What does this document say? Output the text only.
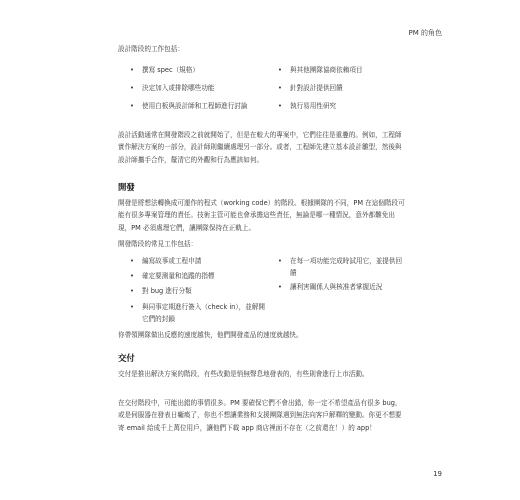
PM 的角色
設計階段的工作包括：
• 撰寫 spec（規格）	• 與其他團隊協商依賴項目
• 決定加入或排除哪些功能	• 針對設計提供回饋
• 使用白板與設計師和工程師進行討論	• 執行易用性研究
設計活動通常在開發階段之前就開始了，但是在較大的專案中，它們往往是重疊的。例如，工程師實作解決方案的一部分，設計師則繼續處理另一部分。或者，工程師先建立基本設計雛型，然後與設計師攜手合作，釐清它的外觀和行為應該如何。
開發
開發是將想法轉換成可運作的程式（working code）的階段。根據團隊的不同，PM 在這個階段可能有很多專案管理的責任。技術主管可能也會承擔這些責任，無論是哪一種情況，意外都難免出現，PM 必須處理它們，讓團隊保持在正軌上。
開發階段的常見工作包括：
• 編寫故事或工程申請	• 在每一項功能完成時試用它，並提供回饋
• 確定要測量和追蹤的指標
• 讓利害關係人與核准者掌握近況
• 對 bug 進行分類
• 與同事定期進行簽入（check in），並解開它們的封鎖
你帶領團隊做出反應的速度越快，他們開發產品的速度就越快。
交付
交付是推出解決方案的階段，有些改動是悄無聲息地發表的，有些則會進行上市活動。
在交付階段中，可能出錯的事情很多。PM 要確保它們不會出錯，你一定不希望產品有很多 bug，或是伺服器在發表日癱瘓了，你也不想讓業務和支援團隊遇到無法向客戶解釋的變動。你更不想要寄 email 給成千上萬位用戶，讓他們下載 app 商店裡面不存在（之前還在！）的 app！
19
